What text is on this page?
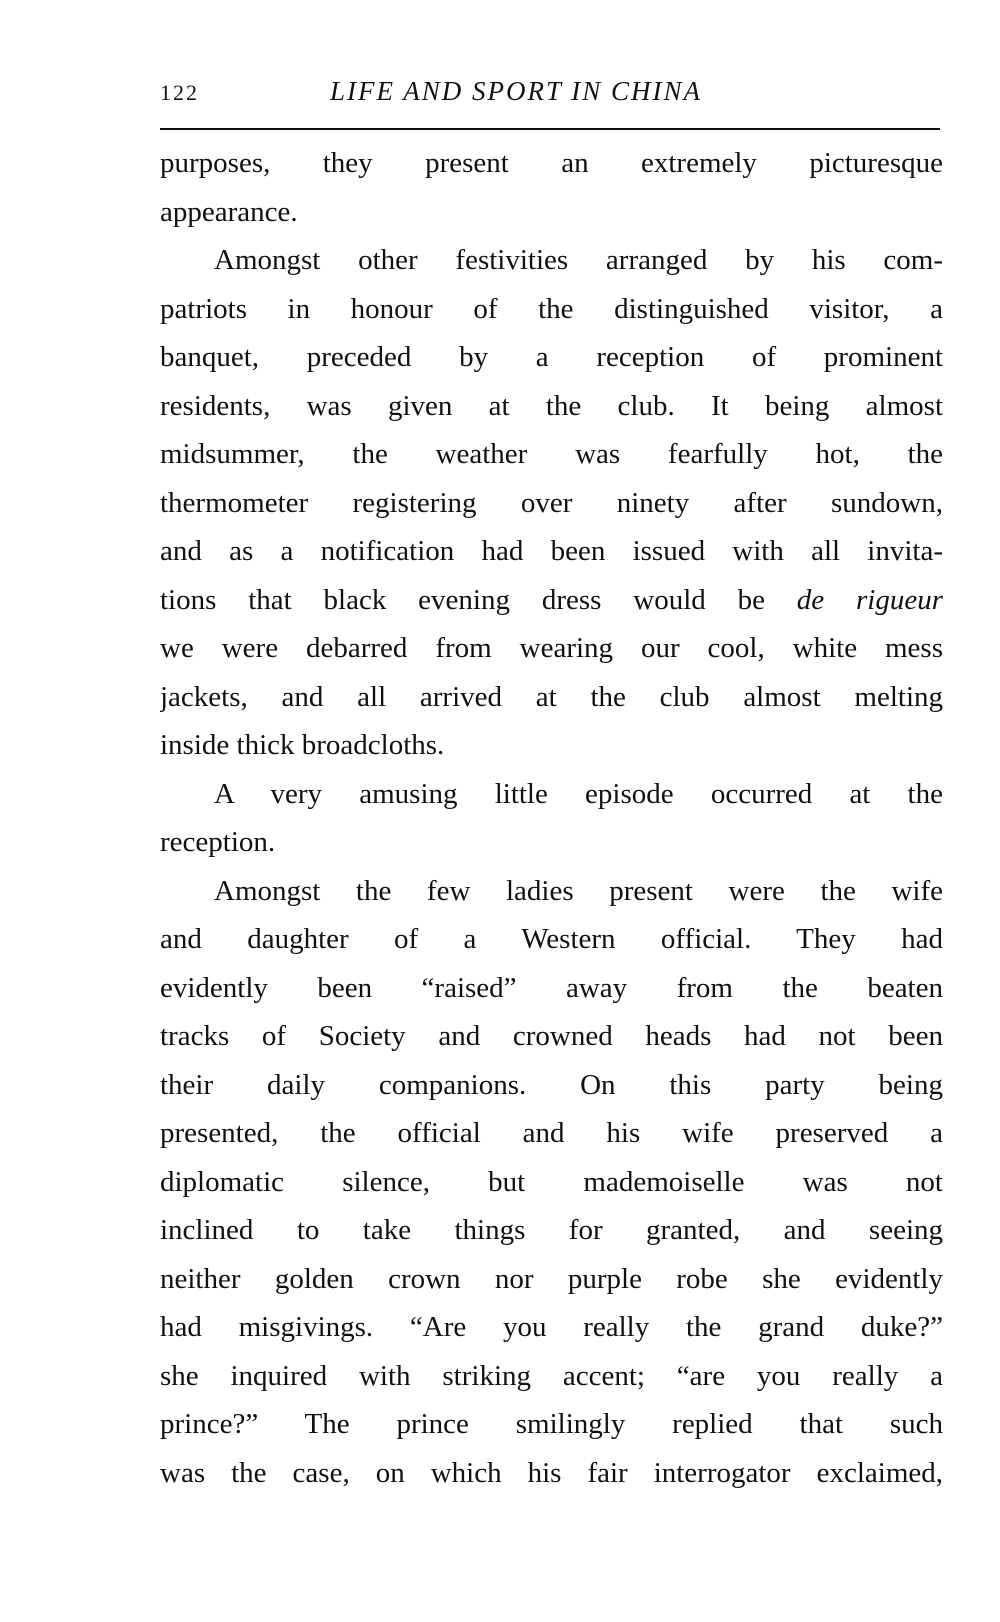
122	LIFE AND SPORT IN CHINA
purposes, they present an extremely picturesque
appearance.
Amongst other festivities arranged by his com-
patriots in honour of the distinguished visitor, a
banquet, preceded by a reception of prominent
residents, was given at the club. It being almost
midsummer, the weather was fearfully hot, the
thermometer registering over ninety after sundown,
and as a notification had been issued with all invita-
tions that black evening dress would be de rigueur
we were debarred from wearing our cool, white mess
jackets, and all arrived at the club almost melting
inside thick broadcloths.
A very amusing little episode occurred at the
reception.
Amongst the few ladies present were the wife
and daughter of a Western official. They had
evidently been “raised” away from the beaten
tracks of Society and crowned heads had not been
their daily companions. On this party being
presented, the official and his wife preserved a
diplomatic silence, but mademoiselle was not
inclined to take things for granted, and seeing
neither golden crown nor purple robe she evidently
had misgivings. “Are you really the grand duke?”
she inquired with striking accent; “are you really a
prince?” The prince smilingly replied that such
was the case, on which his fair interrogator exclaimed,
